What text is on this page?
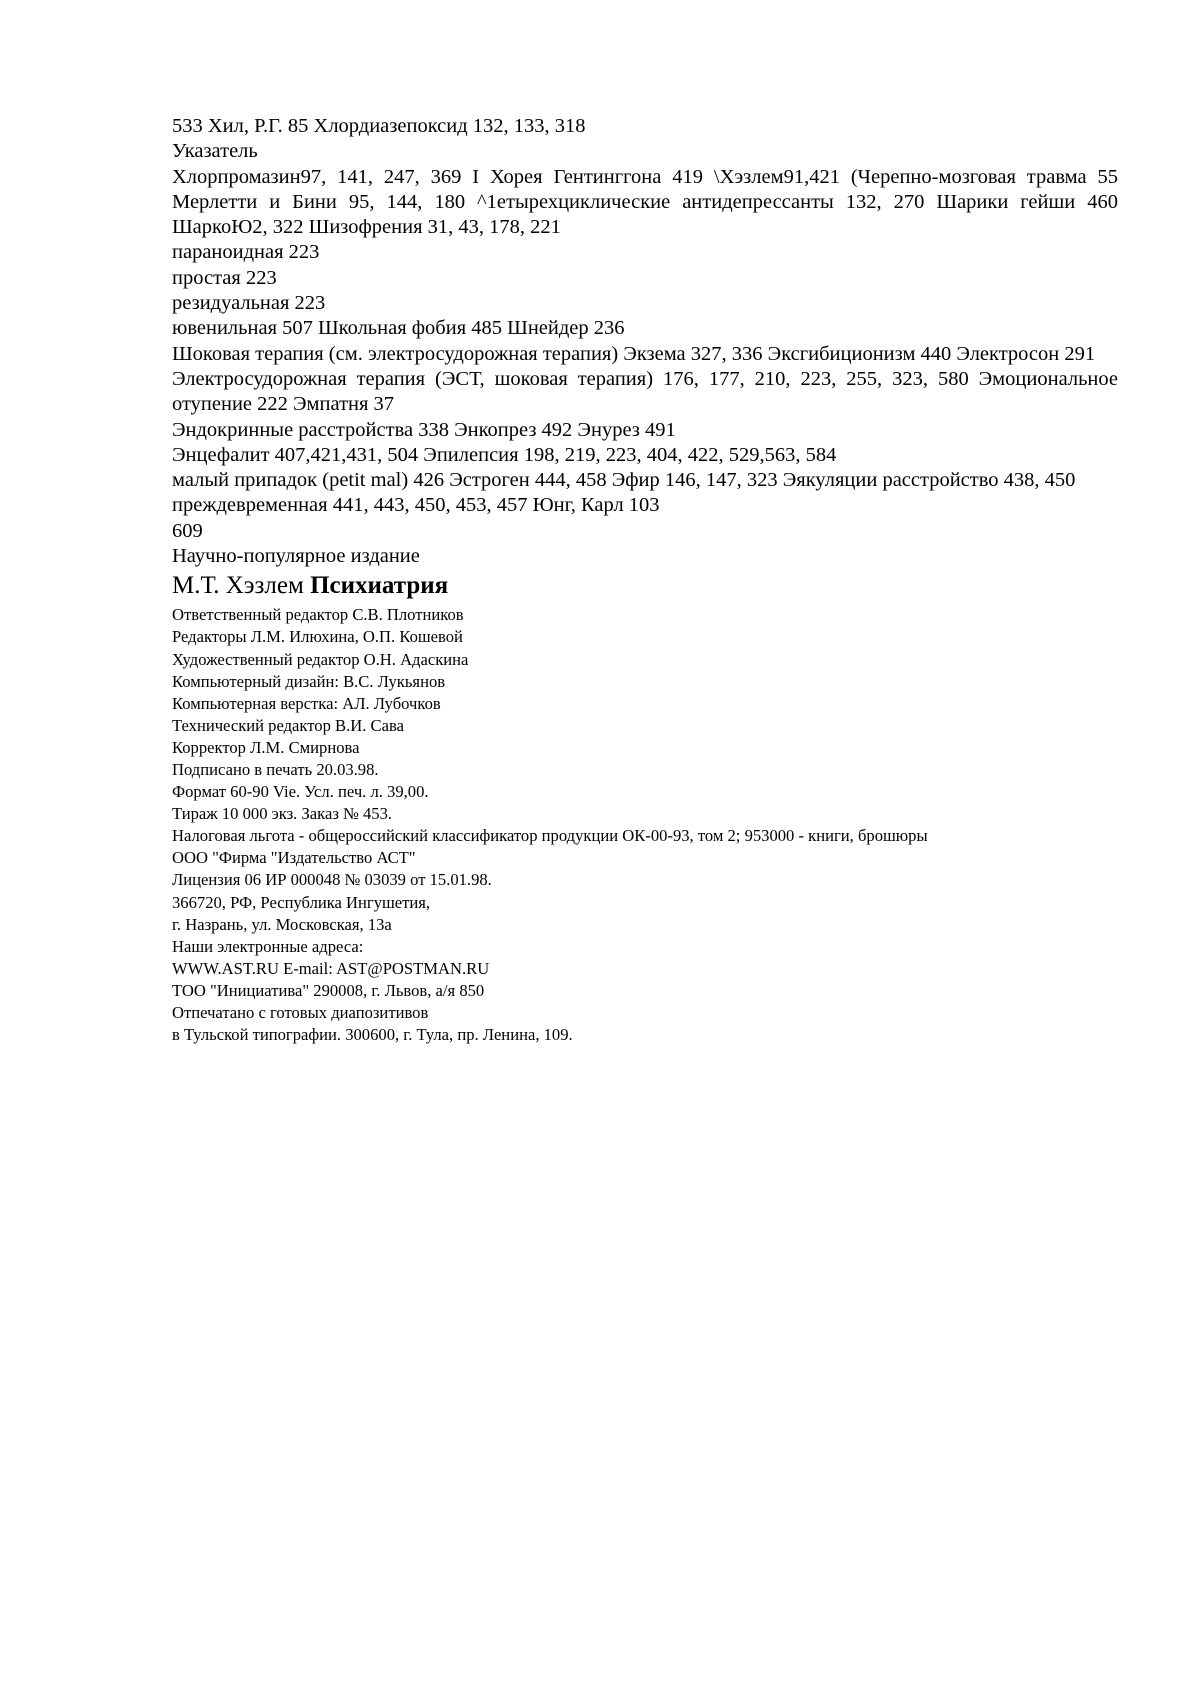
533 Хил, Р.Г. 85 Хлордиазепоксид 132, 133, 318

Указатель

Хлорпромазин97, 141, 247, 369 I Хорея Гентинггона 419 \Хэзлем91,421 (Черепно-мозговая травма 55 Мерлетти и Бини 95, 144, 180 ^1етырехциклические антидепрессанты 132, 270 Шарики гейши 460 ШаркоЮ2, 322 Шизофрения 31, 43, 178, 221

параноидная 223

простая 223

резидуальная 223

ювенильная 507 Школьная фобия 485 Шнейдер 236

Шоковая терапия (см. электросудорожная терапия) Экзема 327, 336 Эксгибиционизм 440 Электросон 291

Электросудорожная терапия (ЭСТ, шоковая терапия) 176, 177, 210, 223, 255, 323, 580 Эмоциональное отупение 222 Эмпатня 37

Эндокринные расстройства 338 Энкопрез 492 Энурез 491

Энцефалит 407,421,431, 504 Эпилепсия 198, 219, 223, 404, 422, 529,563, 584

малый припадок (petit mal) 426 Эстроген 444, 458 Эфир 146, 147, 323 Эякуляции расстройство 438, 450

преждевременная 441, 443, 450, 453, 457 Юнг, Карл 103

609

Научно-популярное издание

М.Т. Хэзлем Психиатрия

Ответственный редактор С.В. Плотников

Редакторы Л.М. Илюхина, О.П. Кошевой

Художественный редактор О.Н. Адаскина

Компьютерный дизайн: В.С. Лукьянов

Компьютерная верстка: АЛ. Лубочков

Технический редактор В.И. Сава

Корректор Л.М. Смирнова

Подписано в печать 20.03.98.

Формат 60-90 Vie. Усл. печ. л. 39,00.

Тираж 10 000 экз. Заказ № 453.

Налоговая льгота - общероссийский классификатор продукции ОК-00-93, том 2; 953000 - книги, брошюры

ООО "Фирма "Издательство АСТ"

Лицензия 06 ИР 000048 № 03039 от 15.01.98.

366720, РФ, Республика Ингушетия,

г. Назрань, ул. Московская, 13а

Наши электронные адреса:

WWW.AST.RU E-mail: AST@POSTMAN.RU

ТОО "Инициатива" 290008, г. Львов, а/я 850

Отпечатано с готовых диапозитивов

в Тульской типографии. 300600, г. Тула, пр. Ленина, 109.
